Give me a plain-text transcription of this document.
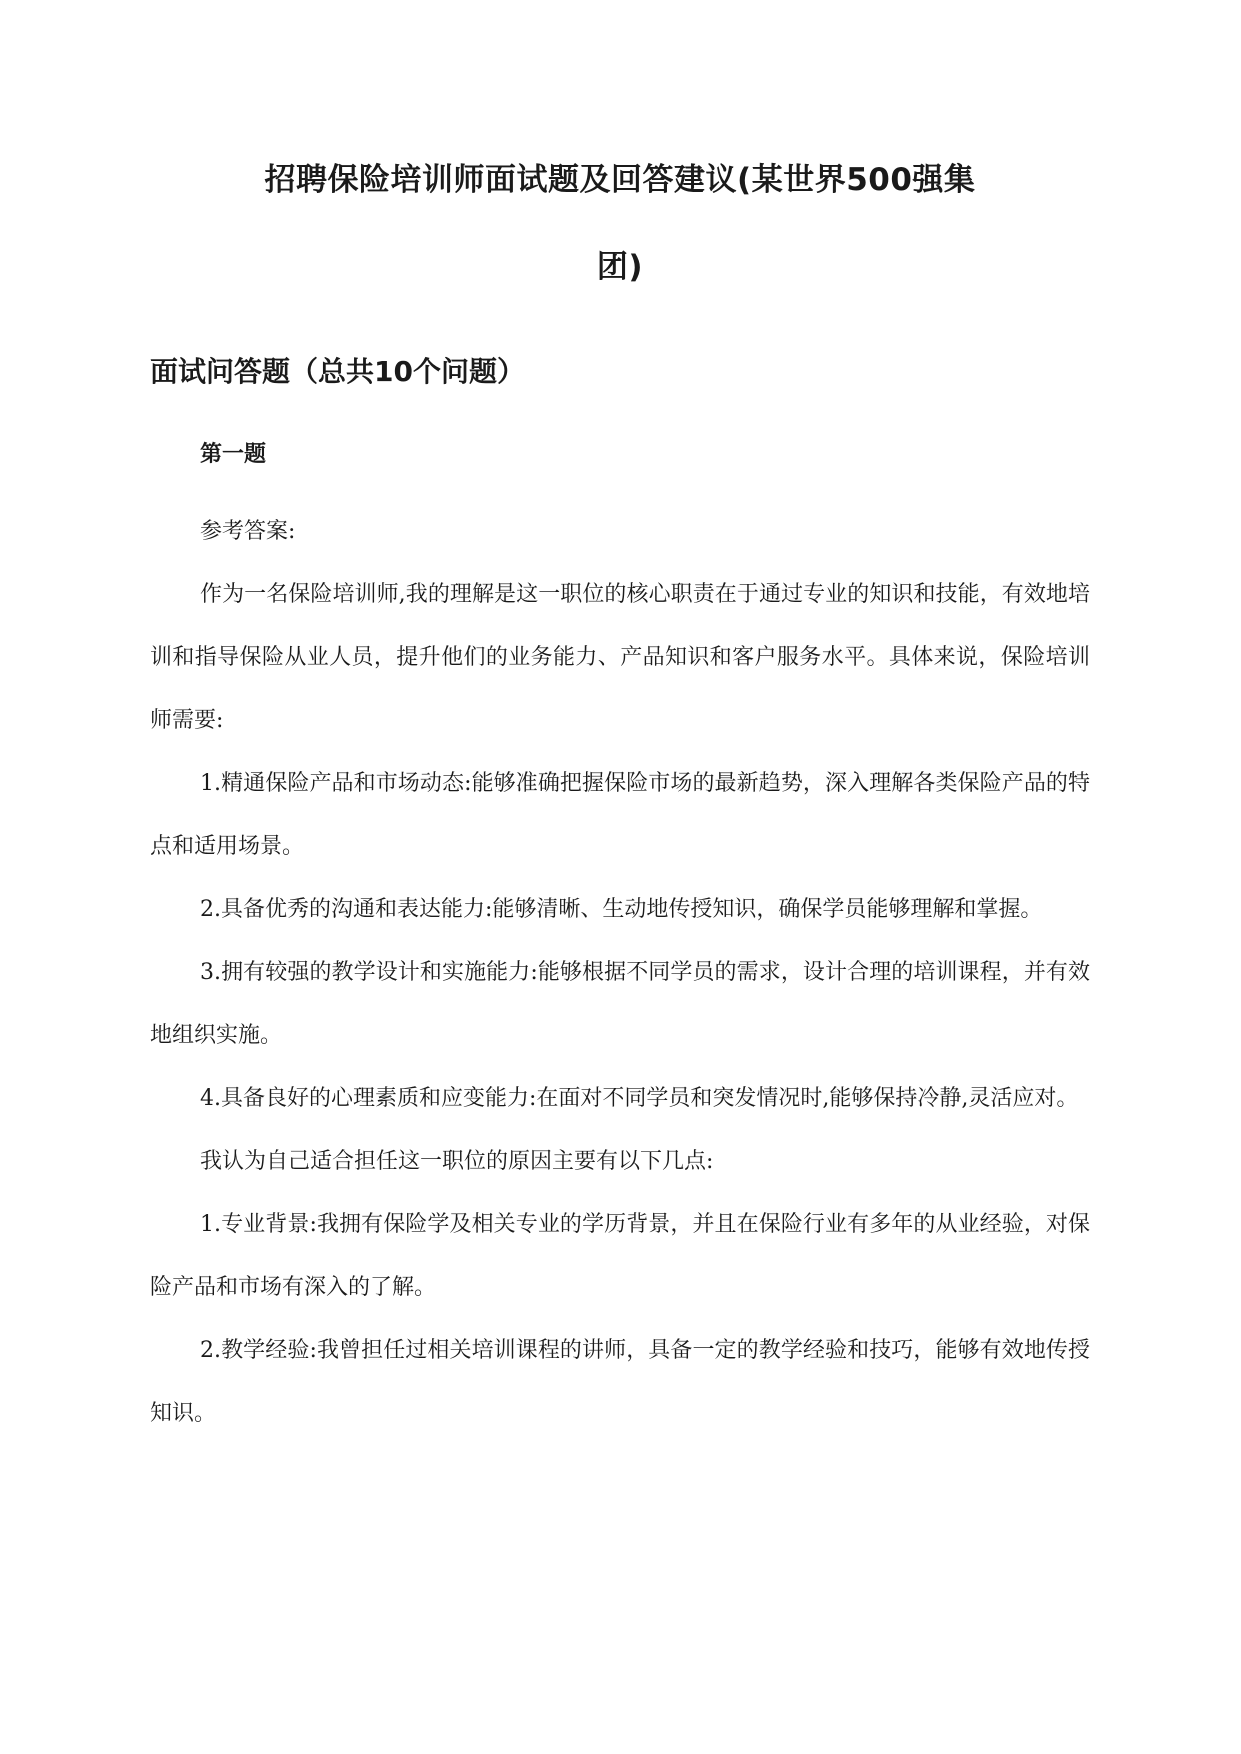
招聘保险培训师面试题及回答建议(某世界500强集
团)
面试问答题（总共10个问题）
第一题

参考答案:

作为一名保险培训师,我的理解是这一职位的核心职责在于通过专业的知识和技能，有效地培训和指导保险从业人员，提升他们的业务能力、产品知识和客户服务水平。具体来说，保险培训师需要:

1.精通保险产品和市场动态:能够准确把握保险市场的最新趋势，深入理解各类保险产品的特点和适用场景。

2.具备优秀的沟通和表达能力:能够清晰、生动地传授知识，确保学员能够理解和掌握。

3.拥有较强的教学设计和实施能力:能够根据不同学员的需求，设计合理的培训课程，并有效地组织实施。

4.具备良好的心理素质和应变能力:在面对不同学员和突发情况时,能够保持冷静,灵活应对。

我认为自己适合担任这一职位的原因主要有以下几点:

1.专业背景:我拥有保险学及相关专业的学历背景，并且在保险行业有多年的从业经验，对保险产品和市场有深入的了解。

2.教学经验:我曾担任过相关培训课程的讲师，具备一定的教学经验和技巧，能够有效地传授知识。
